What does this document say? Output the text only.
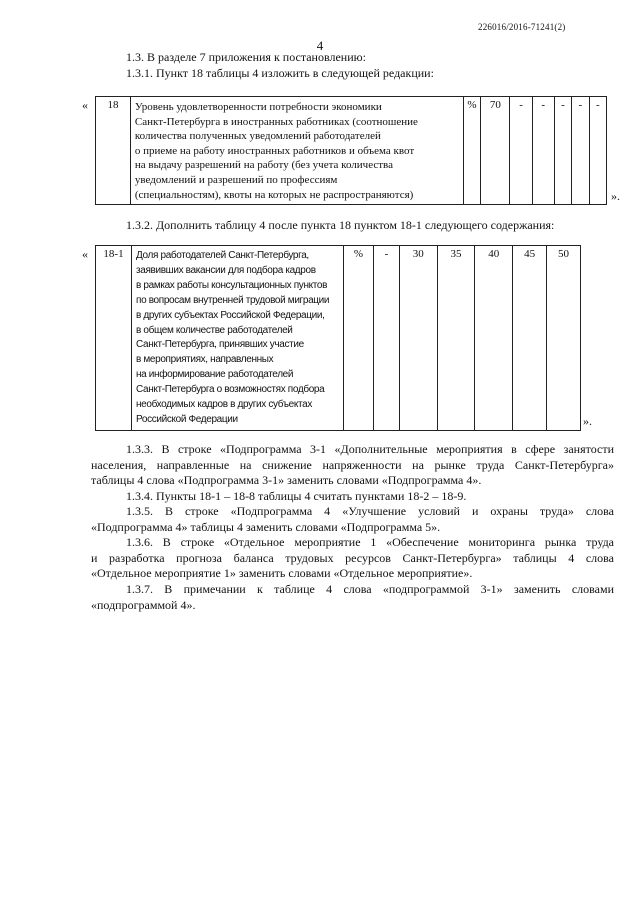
226016/2016-71241(2)
4
1.3. В разделе 7 приложения к постановлению:
1.3.1. Пункт 18 таблицы 4 изложить в следующей редакции:
« 18	Уровень удовлетворенности потребности экономики
Санкт-Петербурга в иностранных работниках (соотношение
количества полученных уведомлений работодателей
о приеме на работу иностранных работников и объема квот
на выдачу разрешений на работу (без учета количества
уведомлений и разрешений по профессиям
(специальностям), квоты на которых не распространяются)
	%	70	-	-	-	-	-
».
1.3.2. Дополнить таблицу 4 после пункта 18 пунктом 18-1 следующего содержания:
« 18-1	Доля работодателей Санкт-Петербурга,
заявивших вакансии для подбора кадров
в рамках работы консультационных пунктов
по вопросам внутренней трудовой миграции
в других субъектах Российской Федерации,
в общем количестве работодателей
Санкт-Петербурга, принявших участие
в мероприятиях, направленных
на информирование работодателей
Санкт-Петербурга о возможностях подбора
необходимых кадров в других субъектах
Российской Федерации
	%	-	30	35	40	45	50
».
1.3.3. В строке «Подпрограмма 3-1 «Дополнительные мероприятия в сфере занятости
населения, направленные на снижение напряженности на рынке труда Санкт-Петербурга»
таблицы 4 слова «Подпрограмма 3-1» заменить словами «Подпрограмма 4».
1.3.4. Пункты 18-1 – 18-8 таблицы 4 считать пунктами 18-2 – 18-9.
1.3.5. В строке «Подпрограмма 4 «Улучшение условий и охраны труда» слова
«Подпрограмма 4» таблицы 4 заменить словами «Подпрограмма 5».
1.3.6. В строке «Отдельное мероприятие 1 «Обеспечение мониторинга рынка труда
и разработка прогноза баланса трудовых ресурсов Санкт-Петербурга» таблицы 4 слова
«Отдельное мероприятие 1» заменить словами «Отдельное мероприятие».
1.3.7. В примечании к таблице 4 слова «подпрограммой 3-1» заменить словами
«подпрограммой 4».
